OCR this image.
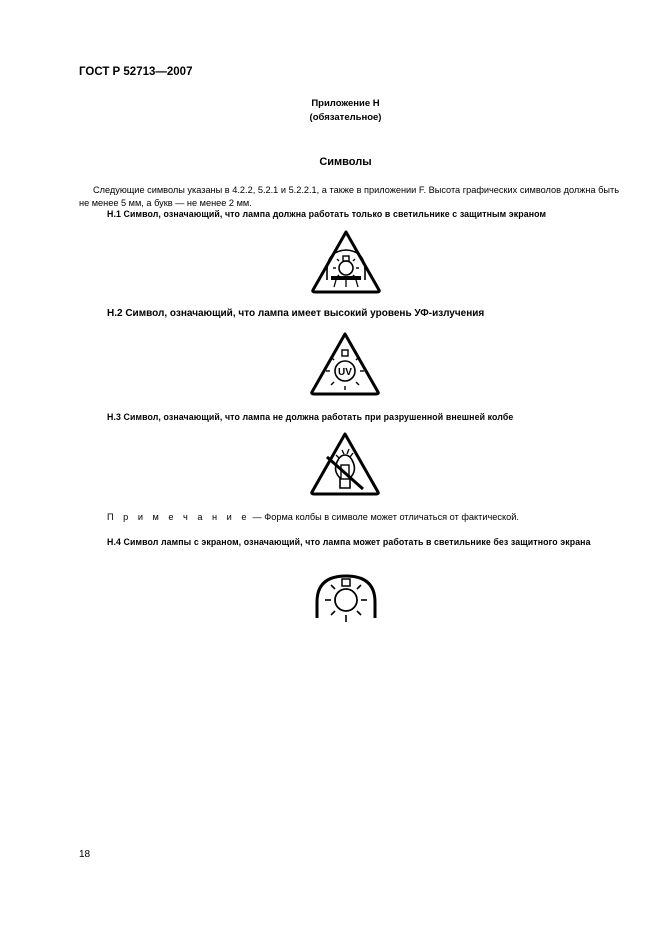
ГОСТ Р 52713—2007
Приложение Н
(обязательное)
Символы
Следующие символы указаны в 4.2.2, 5.2.1 и 5.2.2.1, а также в приложении F. Высота графических символов должна быть не менее 5 мм, а букв — не менее 2 мм.
Н.1 Символ, означающий, что лампа должна работать только в светильнике с защитным экраном
Н.2 Символ, означающий, что лампа имеет высокий уровень УФ-излучения
UV
Н.3 Символ, означающий, что лампа не должна работать при разрушенной внешней колбе
П р и м е ч а н и е — Форма колбы в символе может отличаться от фактической.
Н.4 Символ лампы с экраном, означающий, что лампа может работать в светильнике без защитного экрана
18
